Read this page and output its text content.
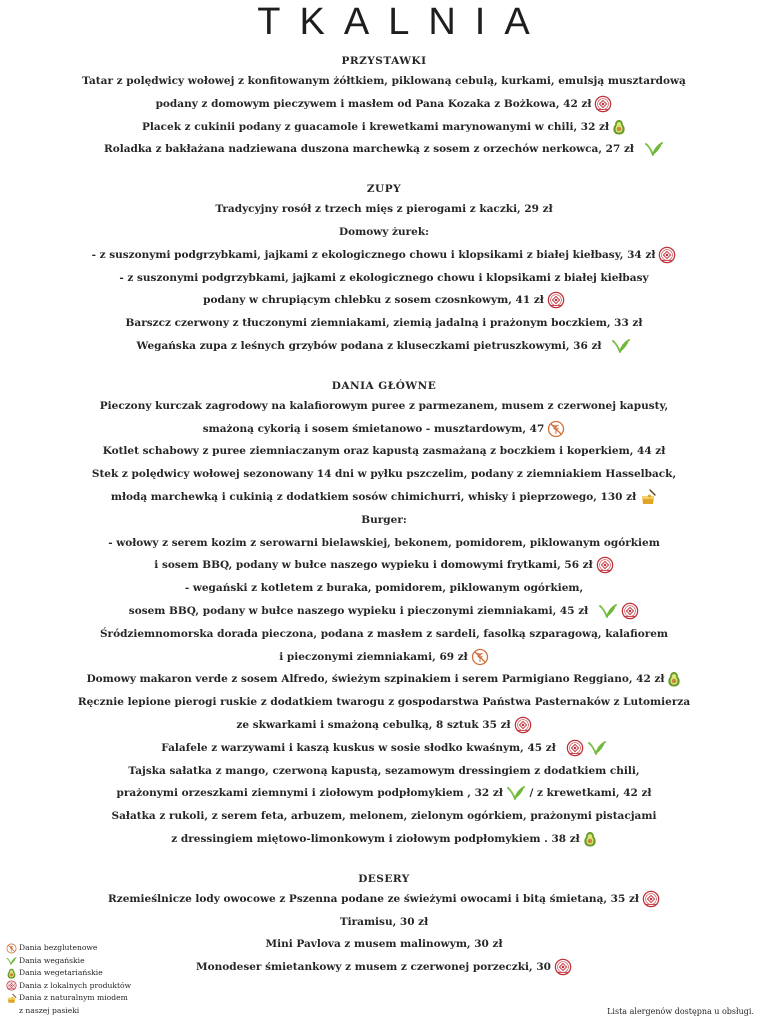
TKALNIA
PRZYSTAWKI
Tatar z polędwicy wołowej z konfitowanym żółtkiem, piklowaną cebulą, kurkami, emulsją musztardową
podany z domowym pieczywem i masłem od Pana Kozaka z Bożkowa, 42 zł
Placek z cukinii podany z guacamole i krewetkami marynowanymi w chili, 32 zł
Roladka z bakłażana nadziewana duszona marchewką z sosem z orzechów nerkowca, 27 zł
ZUPY
Tradycyjny rosół z trzech mięs z pierogami z kaczki, 29 zł
Domowy żurek:
- z suszonymi podgrzybkami, jajkami z ekologicznego chowu i klopsikami z białej kiełbasy, 34 zł
- z suszonymi podgrzybkami, jajkami z ekologicznego chowu i klopsikami z białej kiełbasy
podany w chrupiącym chlebku z sosem czosnkowym, 41 zł
Barszcz czerwony z tłuczonymi ziemniakami, ziemią jadalną i prażonym boczkiem, 33 zł
Wegańska zupa z leśnych grzybów podana z kluseczkami pietruszkowymi, 36 zł
DANIA GŁÓWNE
Pieczony kurczak zagrodowy na kalafiorowym puree z parmezanem, musem z czerwonej kapusty,
smażoną cykorią i sosem śmietanowo - musztardowym, 47
Kotlet schabowy z puree ziemniaczanym oraz kapustą zasmażaną z boczkiem i koperkiem, 44 zł
Stek z polędwicy wołowej sezonowany 14 dni w pyłku pszczelim, podany z ziemniakiem Hasselback,
młodą marchewką i cukinią z dodatkiem sosów chimichurri, whisky i pieprzowego, 130 zł
Burger:
- wołowy z serem kozim z serowarni bielawskiej, bekonem, pomidorem, piklowanym ogórkiem
i sosem BBQ, podany w bułce naszego wypieku i domowymi frytkami, 56 zł
- wegański z kotletem z buraka, pomidorem, piklowanym ogórkiem,
sosem BBQ, podany w bułce naszego wypieku i pieczonymi ziemniakami, 45 zł
Śródziemnomorska dorada pieczona, podana z masłem z sardeli, fasolką szparagową, kalafiorem
i pieczonymi ziemniakami, 69 zł
Domowy makaron verde z sosem Alfredo, świeżym szpinakiem i serem Parmigiano Reggiano, 42 zł
Ręcznie lepione pierogi ruskie z dodatkiem twarogu z gospodarstwa Państwa Pasternaków z Lutomierza
ze skwarkami i smażoną cebulką, 8 sztuk 35 zł
Falafele z warzywami i kaszą kuskus w sosie słodko kwaśnym, 45 zł
Tajska sałatka z mango, czerwoną kapustą, sezamowym dressingiem z dodatkiem chili,
prażonymi orzeszkami ziemnymi i ziołowym podpłomykiem , 32 zł	/ z krewetkami, 42 zł
Sałatka z rukoli, z serem feta, arbuzem, melonem, zielonym ogórkiem, prażonymi pistacjami
z dressingiem miętowo-limonkowym i ziołowym podpłomykiem . 38 zł
DESERY
Rzemieślnicze lody owocowe z Pszenna podane ze świeżymi owocami i bitą śmietaną, 35 zł
Tiramisu, 30 zł
Mini Pavlova z musem malinowym, 30 zł
Monodeser śmietankowy z musem z czerwonej porzeczki, 30
Dania bezglutenowe
Dania wegańskie
Dania wegetariańskie
Dania z lokalnych produktów
Dania z naturalnym miodem
z naszej pasieki	Lista alergenów dostępna u obsługi.
